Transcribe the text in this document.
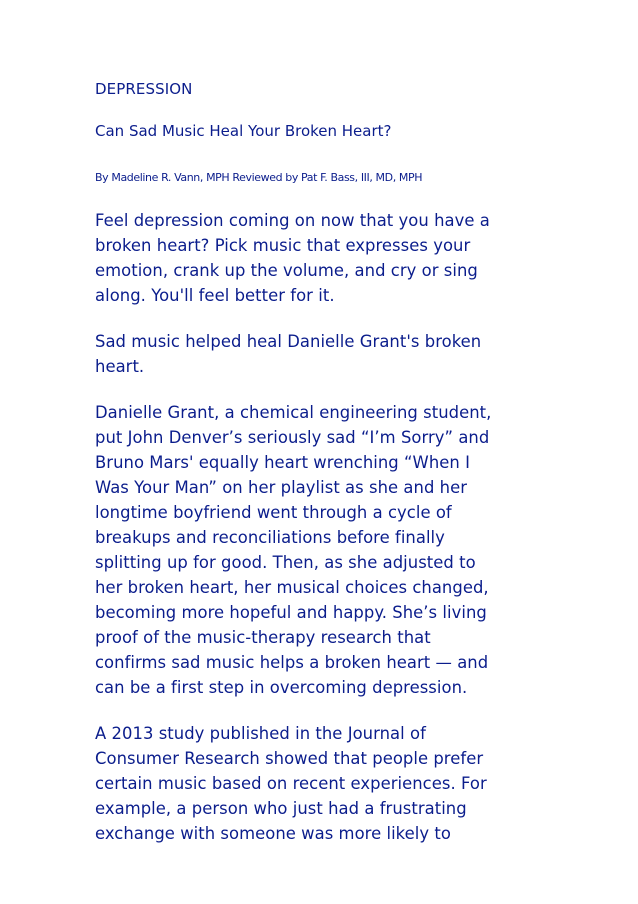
DEPRESSION
Can Sad Music Heal Your Broken Heart?
By Madeline R. Vann, MPH Reviewed by Pat F. Bass, III, MD, MPH
Feel depression coming on now that you have a
broken heart? Pick music that expresses your
emotion, crank up the volume, and cry or sing
along. You'll feel better for it.
Sad music helped heal Danielle Grant's broken
heart.
Danielle Grant, a chemical engineering student,
put John Denver’s seriously sad “I’m Sorry” and
Bruno Mars' equally heart wrenching “When I
Was Your Man” on her playlist as she and her
longtime boyfriend went through a cycle of
breakups and reconciliations before finally
splitting up for good. Then, as she adjusted to
her broken heart, her musical choices changed,
becoming more hopeful and happy. She’s living
proof of the music-therapy research that
confirms sad music helps a broken heart — and
can be a first step in overcoming depression.
A 2013 study published in the Journal of
Consumer Research showed that people prefer
certain music based on recent experiences. For
example, a person who just had a frustrating
exchange with someone was more likely to
